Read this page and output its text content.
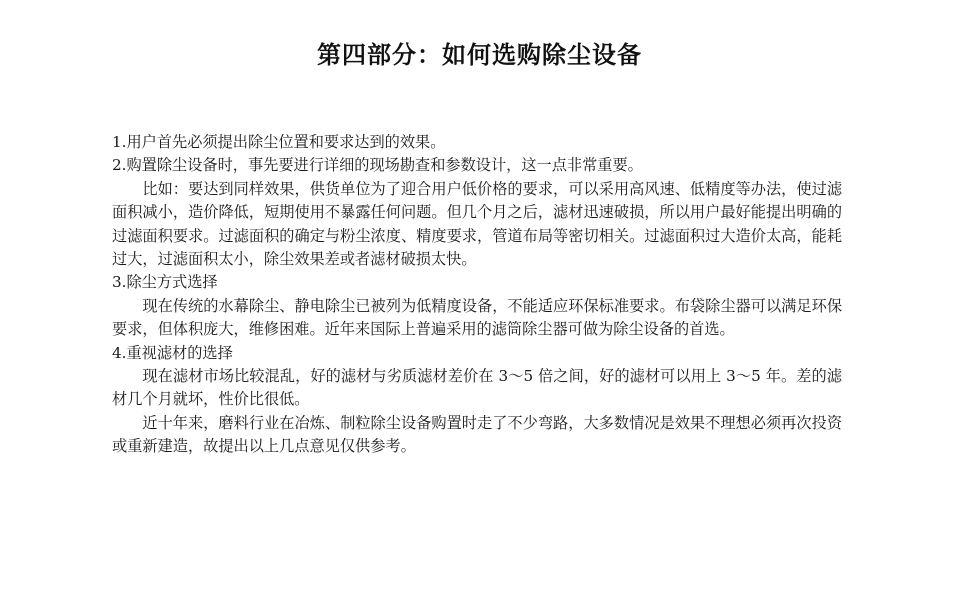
第四部分：如何选购除尘设备

1.用户首先必须提出除尘位置和要求达到的效果。

2.购置除尘设备时，事先要进行详细的现场勘查和参数设计，这一点非常重要。

比如：要达到同样效果，供货单位为了迎合用户低价格的要求，可以采用高风速、低精度等办法，使过滤面积减小，造价降低，短期使用不暴露任何问题。但几个月之后，滤材迅速破损，所以用户最好能提出明确的过滤面积要求。过滤面积的确定与粉尘浓度、精度要求，管道布局等密切相关。过滤面积过大造价太高，能耗过大，过滤面积太小，除尘效果差或者滤材破损太快。

3.除尘方式选择

现在传统的水幕除尘、静电除尘已被列为低精度设备，不能适应环保标准要求。布袋除尘器可以满足环保要求，但体积庞大，维修困难。近年来国际上普遍采用的滤筒除尘器可做为除尘设备的首选。

4.重视滤材的选择

现在滤材市场比较混乱，好的滤材与劣质滤材差价在 3～5 倍之间，好的滤材可以用上 3～5 年。差的滤材几个月就坏，性价比很低。

近十年来，磨料行业在冶炼、制粒除尘设备购置时走了不少弯路，大多数情况是效果不理想必须再次投资或重新建造，故提出以上几点意见仅供参考。
